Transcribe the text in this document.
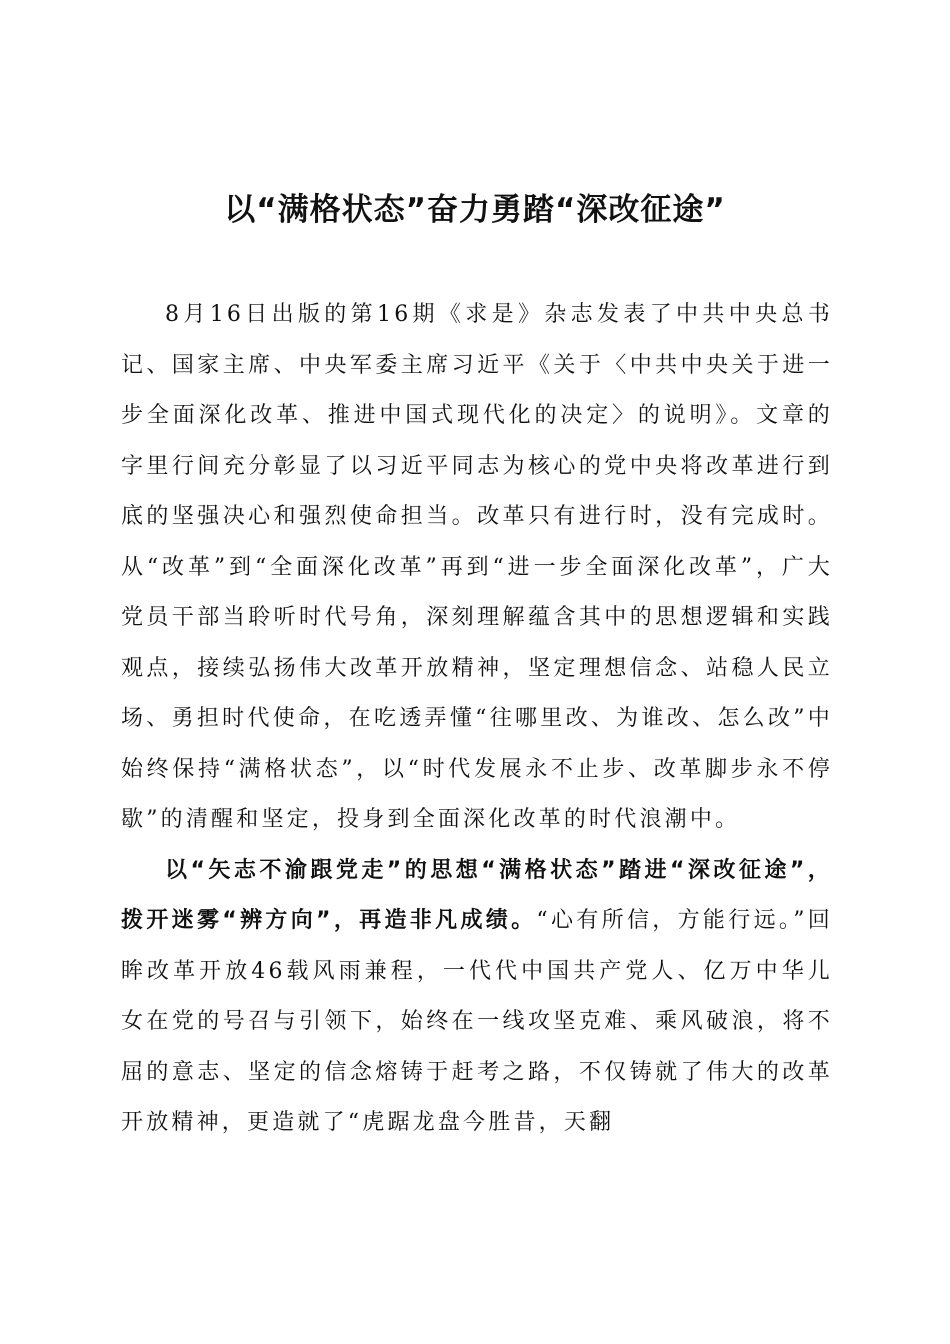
以“满格状态”奋力勇踏“深改征途”

8月16日出版的第16期《求是》杂志发表了中共中央总书记、国家主席、中央军委主席习近平《关于〈中共中央关于进一步全面深化改革、推进中国式现代化的决定〉的说明》。文章的字里行间充分彰显了以习近平同志为核心的党中央将改革进行到底的坚强决心和强烈使命担当。改革只有进行时，没有完成时。从“改革”到“全面深化改革”再到“进一步全面深化改革”，广大党员干部当聆听时代号角，深刻理解蕴含其中的思想逻辑和实践观点，接续弘扬伟大改革开放精神，坚定理想信念、站稳人民立场、勇担时代使命，在吃透弄懂“往哪里改、为谁改、怎么改”中始终保持“满格状态”，以“时代发展永不止步、改革脚步永不停歇”的清醒和坚定，投身到全面深化改革的时代浪潮中。

以“矢志不渝跟党走”的思想“满格状态”踏进“深改征途”，拨开迷雾“辨方向”，再造非凡成绩。“心有所信，方能行远。”回眸改革开放46载风雨兼程，一代代中国共产党人、亿万中华儿女在党的号召与引领下，始终在一线攻坚克难、乘风破浪，将不屈的意志、坚定的信念熔铸于赶考之路，不仅铸就了伟大的改革开放精神，更造就了“虎踞龙盘今胜昔，天翻
